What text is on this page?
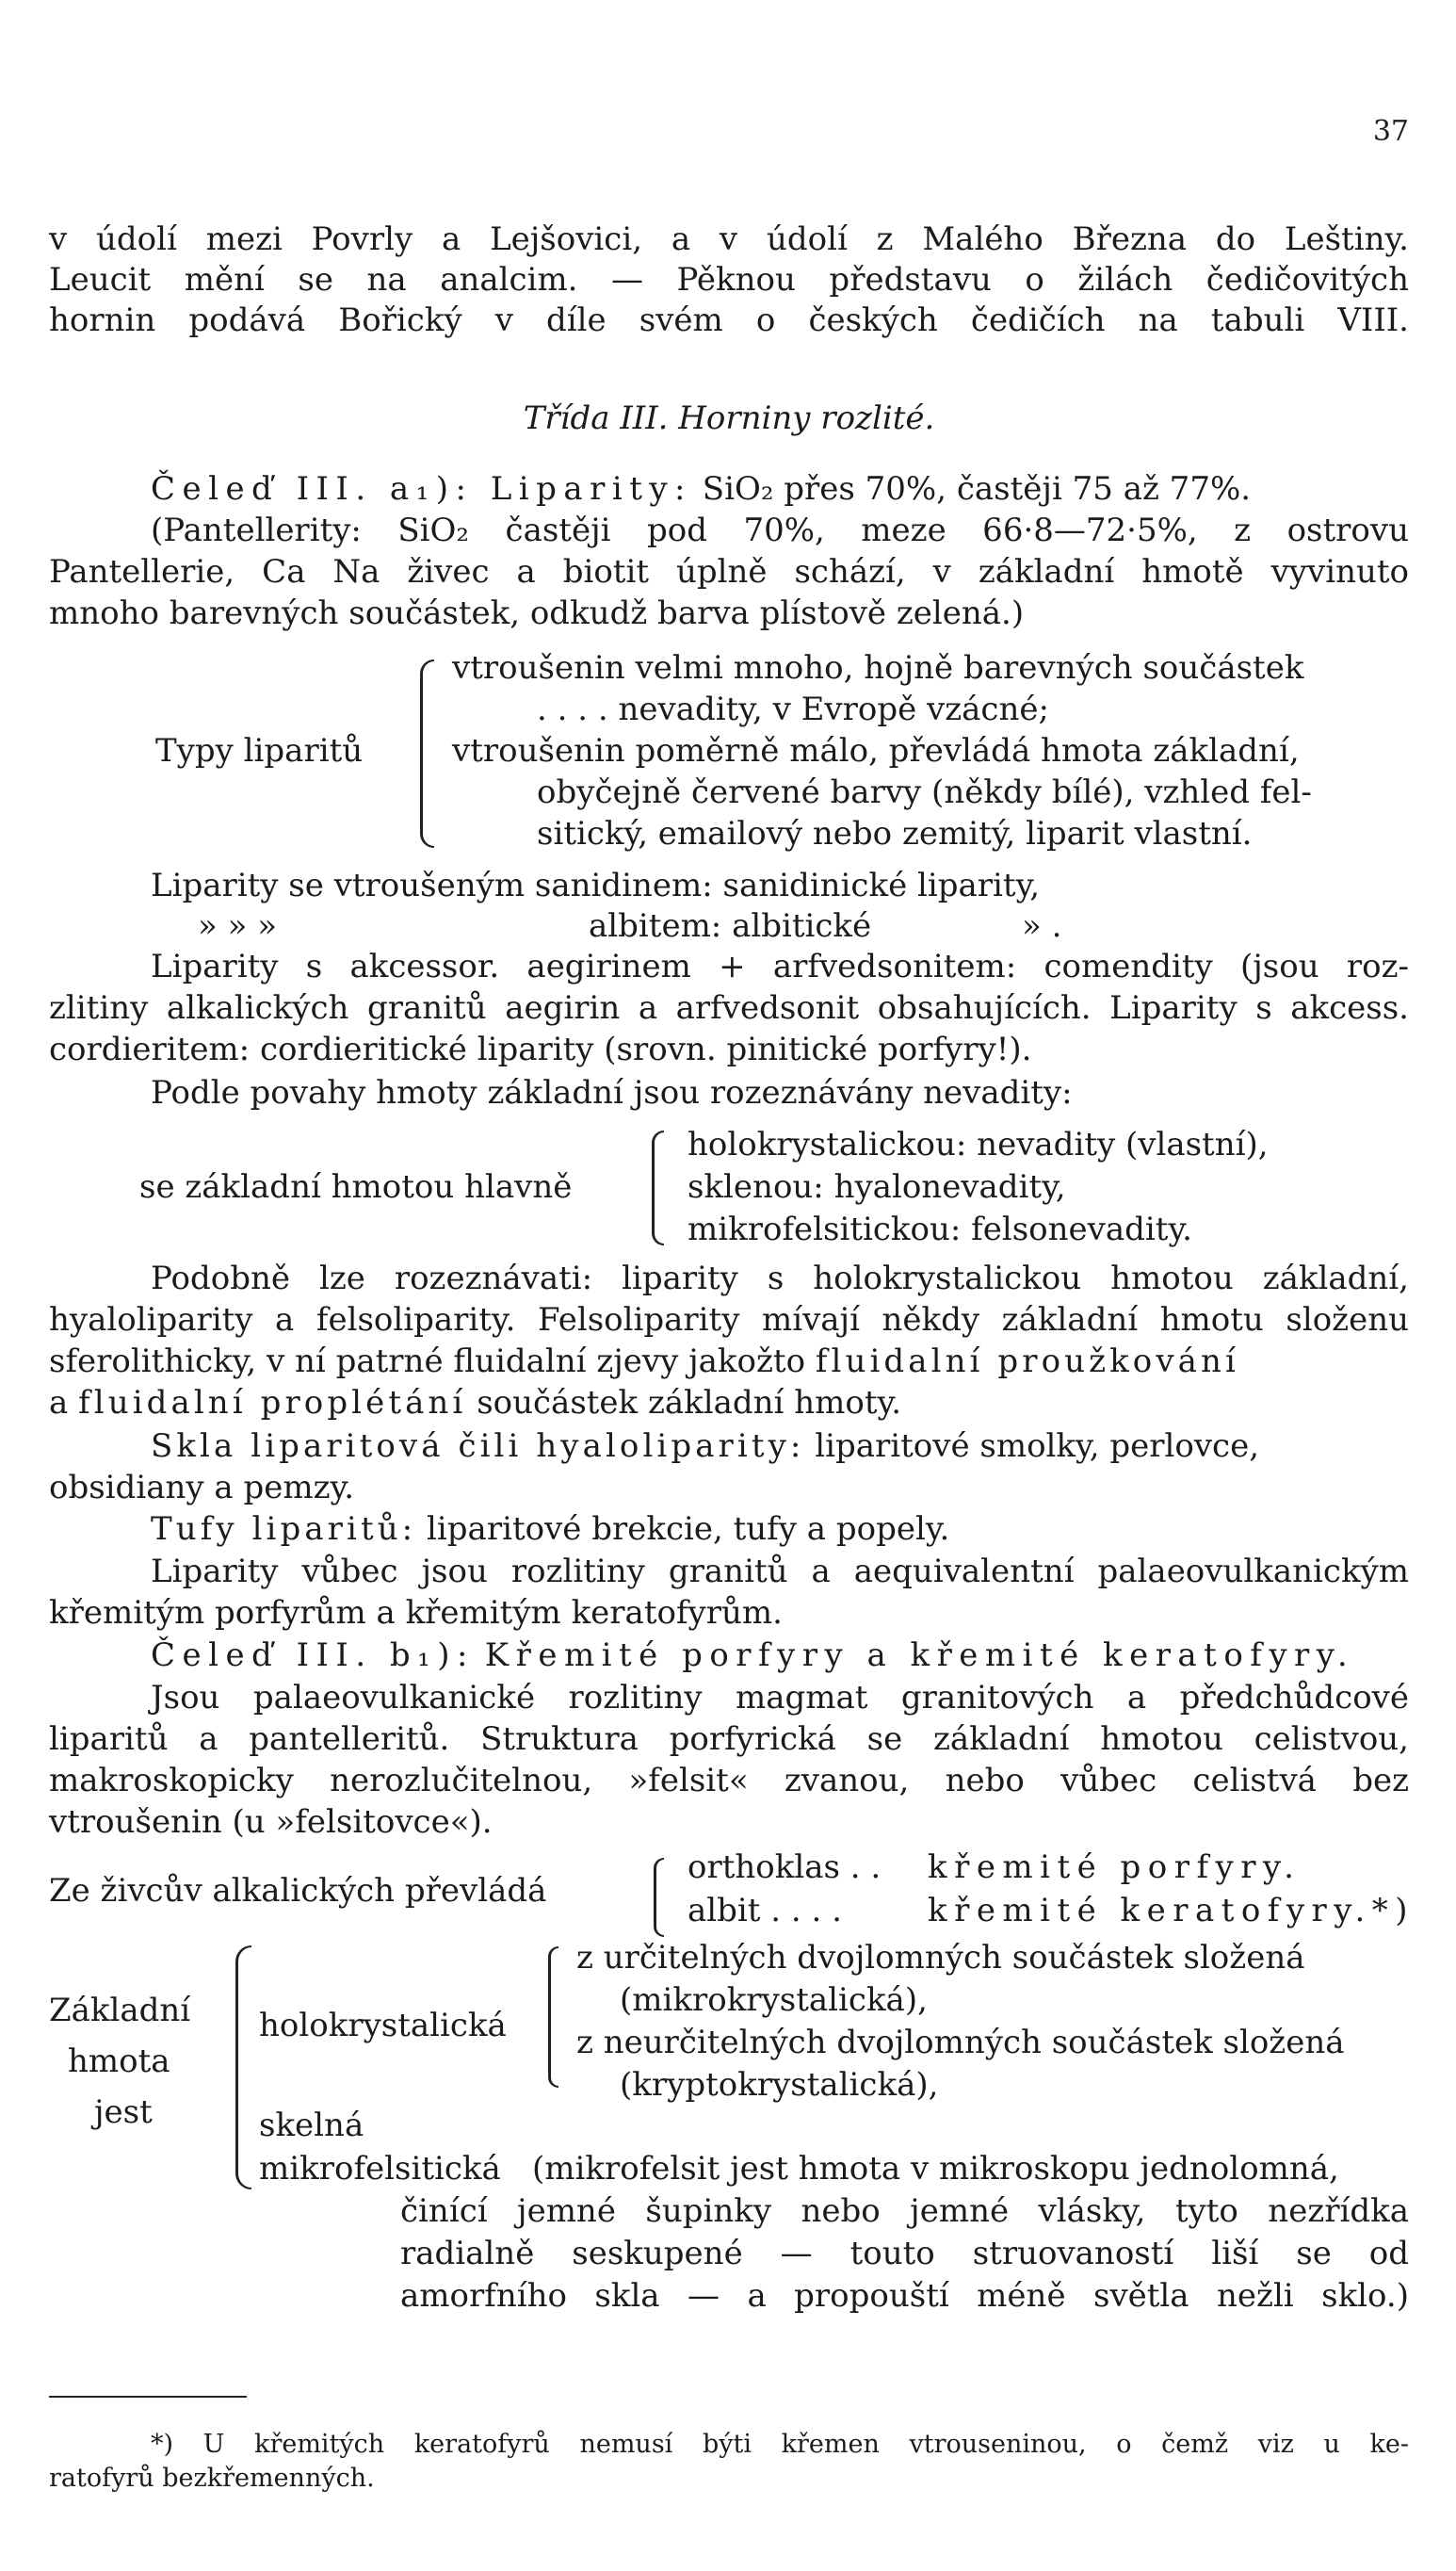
37
v údolí mezi Povrly a Lejšovici, a v údolí z Malého Března do Leštiny.
Leucit mění se na analcim. — Pěknou představu o žilách čedičovitých
hornin podává Bořický v díle svém o českých čedičích na tabuli VIII.
Třída III. Horniny rozlité.
Čeleď III. a₁): Liparity: SiO₂ přes 70%, častěji 75 až 77%.
(Pantellerity: SiO₂ častěji pod 70%, meze 66·8—72·5%, z ostrovu
Pantellerie, Ca Na živec a biotit úplně schází, v základní hmotě vyvinuto
mnoho barevných součástek, odkudž barva plístově zelená.)
Typy liparitů
vtroušenin velmi mnoho, hojně barevných součástek
. . . . nevadity, v Evropě vzácné;
vtroušenin poměrně málo, převládá hmota základní,
obyčejně červené barvy (někdy bílé), vzhled fel-
sitický, emailový nebo zemitý, liparit vlastní.
Liparity se vtroušeným sanidinem: sanidinické liparity,
» » »	albitem: albitické	» .
Liparity s akcessor. aegirinem + arfvedsonitem: comendity (jsou roz-
zlitiny alkalických granitů aegirin a arfvedsonit obsahujících. Liparity s akcess.
cordieritem: cordieritické liparity (srovn. pinitické porfyry!).
Podle povahy hmoty základní jsou rozeznávány nevadity:
se základní hmotou hlavně
holokrystalickou: nevadity (vlastní),
sklenou: hyalonevadity,
mikrofelsitickou: felsonevadity.
Podobně lze rozeznávati: liparity s holokrystalickou hmotou základní,
hyaloliparity a felsoliparity. Felsoliparity mívají někdy základní hmotu složenu
sferolithicky, v ní patrné fluidalní zjevy jakožto fluidalní proužkování
a fluidalní proplétání součástek základní hmoty.
Skla liparitová čili hyaloliparity: liparitové smolky, perlovce,
obsidiany a pemzy.
Tufy liparitů: liparitové brekcie, tufy a popely.
Liparity vůbec jsou rozlitiny granitů a aequivalentní palaeovulkanickým
křemitým porfyrům a křemitým keratofyrům.
Čeleď III. b₁): Křemité porfyry a křemité keratofyry.
Jsou palaeovulkanické rozlitiny magmat granitových a předchůdcové
liparitů a pantelleritů. Struktura porfyrická se základní hmotou celistvou,
makroskopicky nerozlučitelnou, »felsit« zvanou, nebo vůbec celistvá bez
vtroušenin (u »felsitovce«).
Ze živcův alkalických převládá
orthoklas . . křemité porfyry.
albit . . . .	křemité keratofyry.*)
Základní
hmota
jest
holokrystalická
z určitelných dvojlomných součástek složená
(mikrokrystalická),
z neurčitelných dvojlomných součástek složená
(kryptokrystalická),
skelná
mikrofelsitická (mikrofelsit jest hmota v mikroskopu jednolomná,
činící jemné šupinky nebo jemné vlásky, tyto nezřídka
radialně seskupené — touto struovaností liší se od
amorfního skla — a propouští méně světla nežli sklo.)
*) U křemitých keratofyrů nemusí býti křemen vtrouseninou, o čemž viz u ke-
ratofyrů bezkřemenných.
